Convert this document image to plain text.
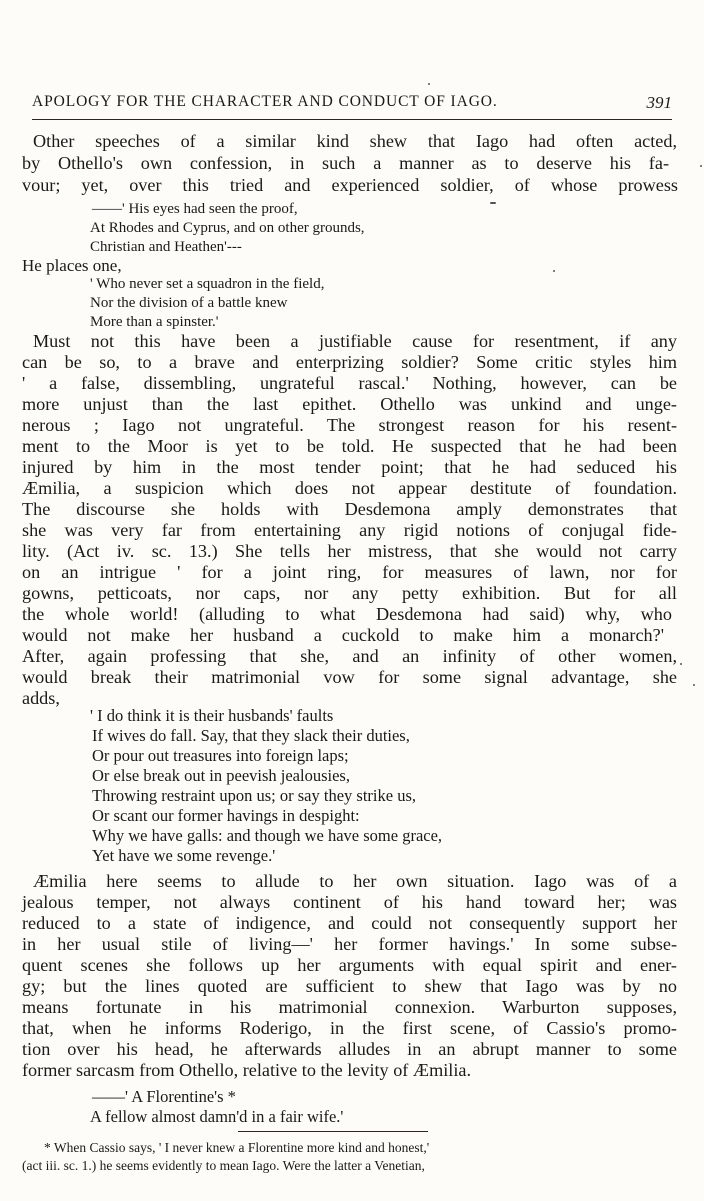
APOLOGY FOR THE CHARACTER AND CONDUCT OF IAGO.	391
Other speeches of a similar kind shew that Iago had often acted,
by Othello's own confession, in such a manner as to deserve his fa-
vour; yet, over this tried and experienced soldier, of whose prowess
——' His eyes had seen the proof,
At Rhodes and Cyprus, and on other grounds,
Christian and Heathen'---
He places one,
' Who never set a squadron in the field,
Nor the division of a battle knew
More than a spinster.'
Must not this have been a justifiable cause for resentment, if any
can be so, to a brave and enterprizing soldier? Some critic styles him
' a false, dissembling, ungrateful rascal.' Nothing, however, can be
more unjust than the last epithet. Othello was unkind and unge-
nerous ; Iago not ungrateful. The strongest reason for his resent-
ment to the Moor is yet to be told. He suspected that he had been
injured by him in the most tender point; that he had seduced his
Æmilia, a suspicion which does not appear destitute of foundation.
The discourse she holds with Desdemona amply demonstrates that
she was very far from entertaining any rigid notions of conjugal fide-
lity. (Act iv. sc. 13.) She tells her mistress, that she would not carry
on an intrigue ' for a joint ring, for measures of lawn, nor for
gowns, petticoats, nor caps, nor any petty exhibition. But for all
the whole world! (alluding to what Desdemona had said) why, who
would not make her husband a cuckold to make him a monarch?'
After, again professing that she, and an infinity of other women,
would break their matrimonial vow for some signal advantage, she
adds,
' I do think it is their husbands' faults
If wives do fall. Say, that they slack their duties,
Or pour out treasures into foreign laps;
Or else break out in peevish jealousies,
Throwing restraint upon us; or say they strike us,
Or scant our former havings in despight:
Why we have galls: and though we have some grace,
Yet have we some revenge.'
Æmilia here seems to allude to her own situation. Iago was of a
jealous temper, not always continent of his hand toward her; was
reduced to a state of indigence, and could not consequently support her
in her usual stile of living—' her former havings.' In some subse-
quent scenes she follows up her arguments with equal spirit and ener-
gy; but the lines quoted are sufficient to shew that Iago was by no
means fortunate in his matrimonial connexion. Warburton supposes,
that, when he informs Roderigo, in the first scene, of Cassio's promo-
tion over his head, he afterwards alludes in an abrupt manner to some
former sarcasm from Othello, relative to the levity of Æmilia.
——' A Florentine's *
A fellow almost damn'd in a fair wife.'
* When Cassio says, ' I never knew a Florentine more kind and honest,'
(act iii. sc. 1.) he seems evidently to mean Iago. Were the latter a Venetian,
